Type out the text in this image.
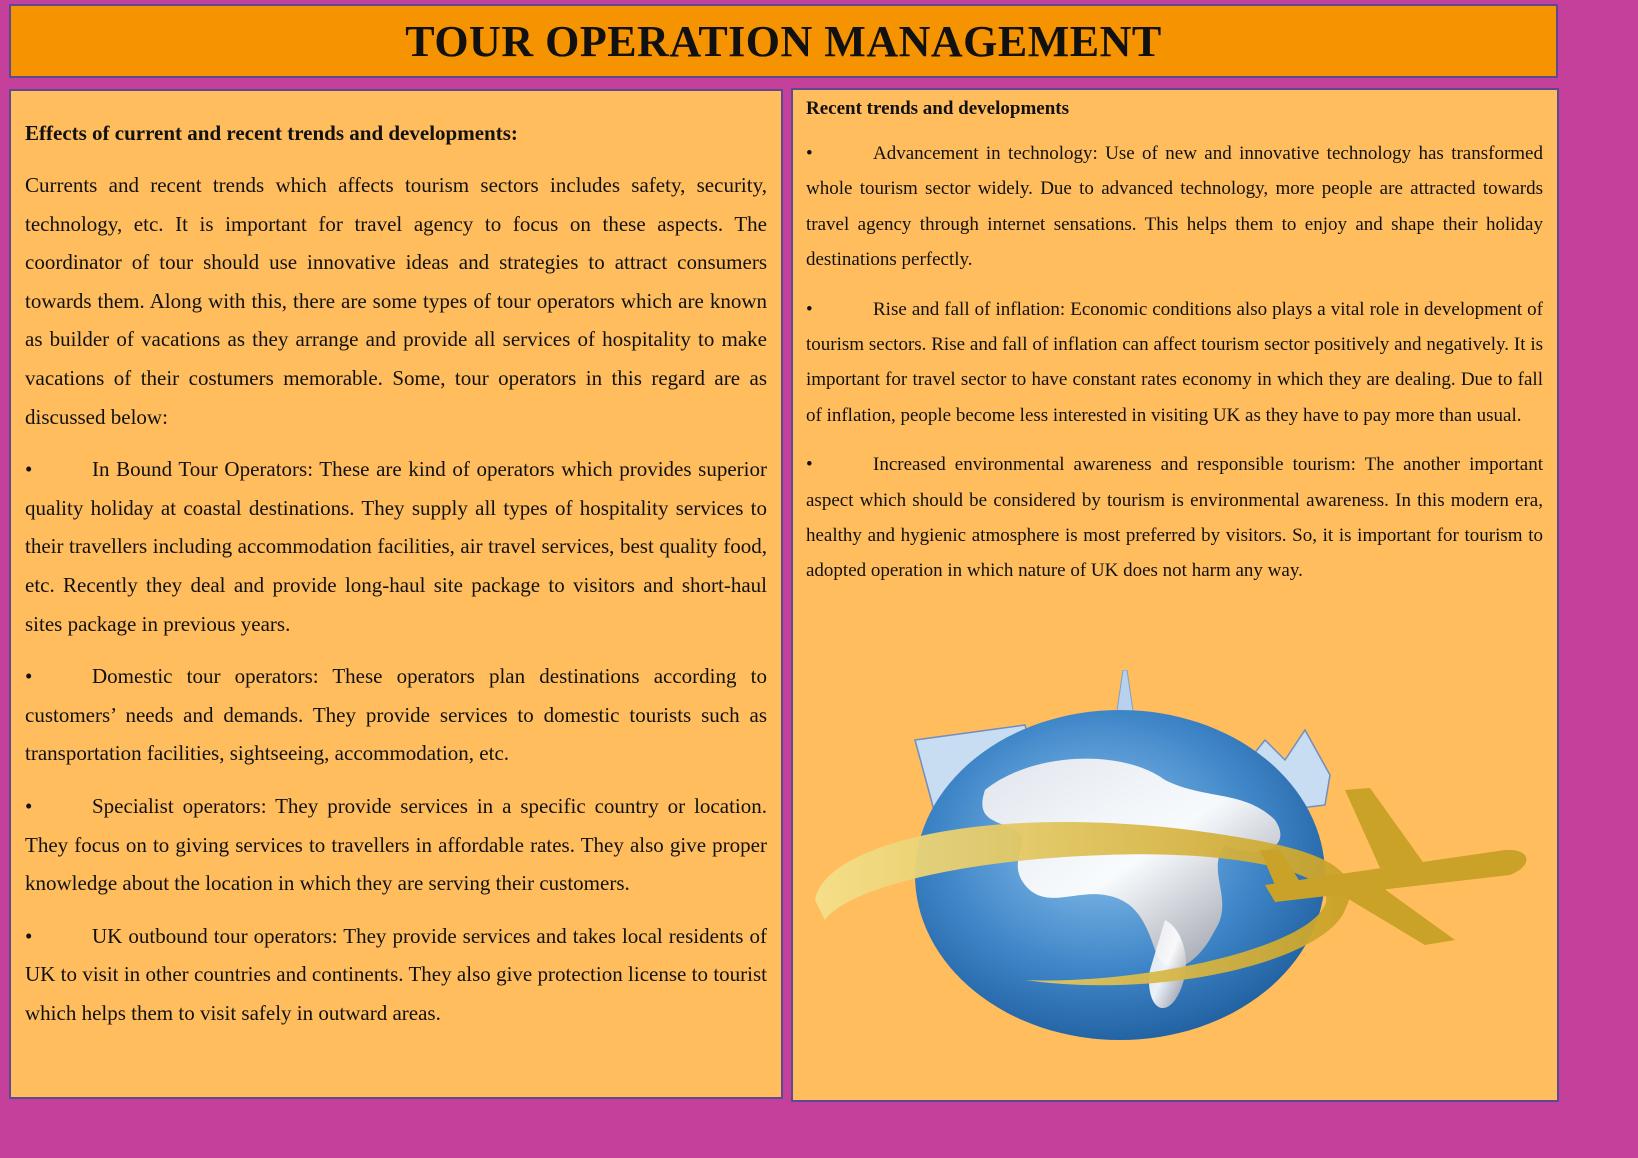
TOUR OPERATION MANAGEMENT
Effects of current and recent trends and developments:

Currents and recent trends which affects tourism sectors includes safety, security, technology, etc. It is important for travel agency to focus on these aspects. The coordinator of tour should use innovative ideas and strategies to attract consumers towards them. Along with this, there are some types of tour operators which are known as builder of vacations as they arrange and provide all services of hospitality to make vacations of their costumers memorable. Some, tour operators in this regard are as discussed below:

•	In Bound Tour Operators: These are kind of operators which provides superior quality holiday at coastal destinations. They supply all types of hospitality services to their travellers including accommodation facilities, air travel services, best quality food, etc. Recently they deal and provide long-haul site package to visitors and short-haul sites package in previous years.

•	Domestic tour operators: These operators plan destinations according to customers’ needs and demands. They provide services to domestic tourists such as transportation facilities, sightseeing, accommodation, etc.

•	Specialist operators: They provide services in a specific country or location. They focus on to giving services to travellers in affordable rates. They also give proper knowledge about the location in which they are serving their customers.

•	UK outbound tour operators: They provide services and takes local residents of UK to visit in other countries and continents. They also give protection license to tourist which helps them to visit safely in outward areas.

Recent trends and developments

•	Advancement in technology: Use of new and innovative technology has transformed whole tourism sector widely. Due to advanced technology, more people are attracted towards travel agency through internet sensations. This helps them to enjoy and shape their holiday destinations perfectly.

•	Rise and fall of inflation: Economic conditions also plays a vital role in development of tourism sectors. Rise and fall of inflation can affect tourism sector positively and negatively. It is important for travel sector to have constant rates economy in which they are dealing. Due to fall of inflation, people become less interested in visiting UK as they have to pay more than usual.

•	Increased environmental awareness and responsible tourism: The another important aspect which should be considered by tourism is environmental awareness. In this modern era, healthy and hygienic atmosphere is most preferred by visitors. So, it is important for tourism to adopted operation in which nature of UK does not harm any way.
